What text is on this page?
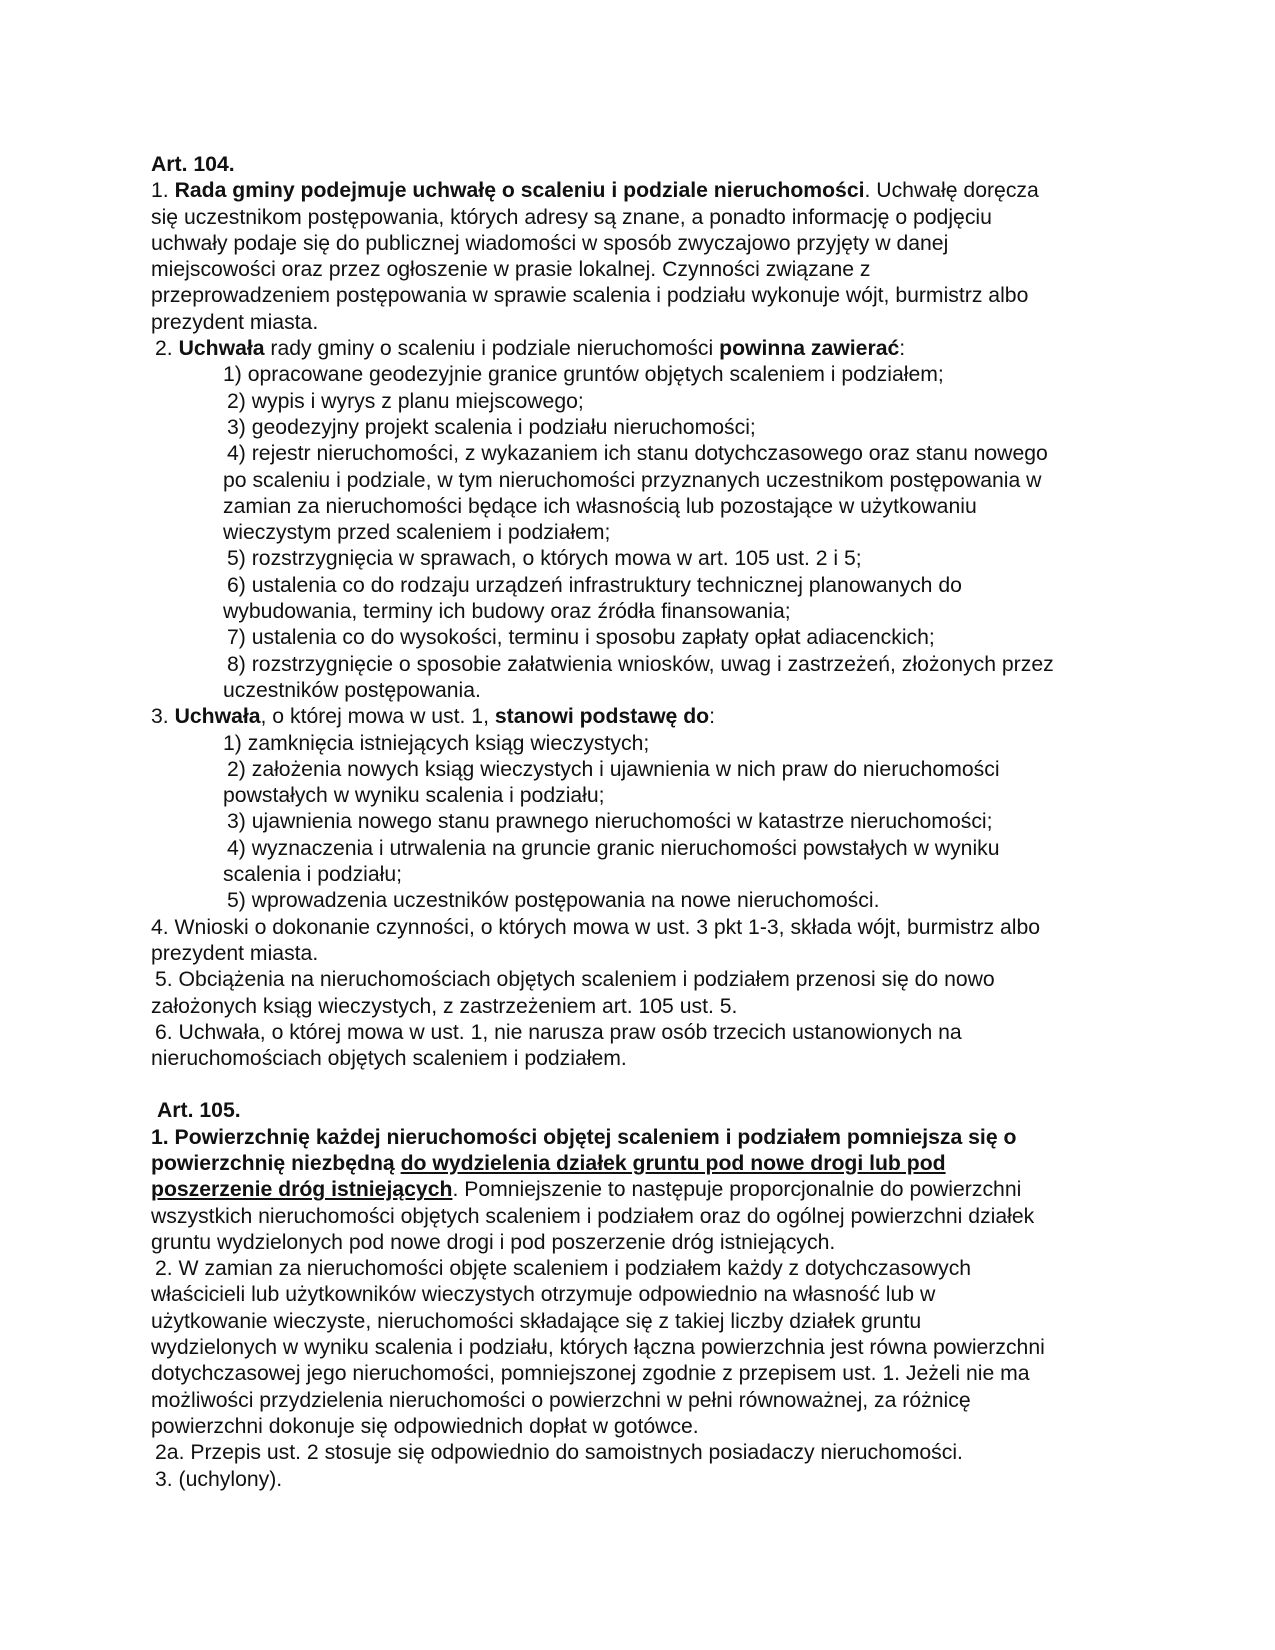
Art. 104.
1. Rada gminy podejmuje uchwałę o scaleniu i podziale nieruchomości. Uchwałę doręcza
się uczestnikom postępowania, których adresy są znane, a ponadto informację o podjęciu
uchwały podaje się do publicznej wiadomości w sposób zwyczajowo przyjęty w danej
miejscowości oraz przez ogłoszenie w prasie lokalnej. Czynności związane z
przeprowadzeniem postępowania w sprawie scalenia i podziału wykonuje wójt, burmistrz albo
prezydent miasta.
2. Uchwała rady gminy o scaleniu i podziale nieruchomości powinna zawierać:
1) opracowane geodezyjnie granice gruntów objętych scaleniem i podziałem;
2) wypis i wyrys z planu miejscowego;
3) geodezyjny projekt scalenia i podziału nieruchomości;
4) rejestr nieruchomości, z wykazaniem ich stanu dotychczasowego oraz stanu nowego
po scaleniu i podziale, w tym nieruchomości przyznanych uczestnikom postępowania w
zamian za nieruchomości będące ich własnością lub pozostające w użytkowaniu
wieczystym przed scaleniem i podziałem;
5) rozstrzygnięcia w sprawach, o których mowa w art. 105 ust. 2 i 5;
6) ustalenia co do rodzaju urządzeń infrastruktury technicznej planowanych do
wybudowania, terminy ich budowy oraz źródła finansowania;
7) ustalenia co do wysokości, terminu i sposobu zapłaty opłat adiacenckich;
8) rozstrzygnięcie o sposobie załatwienia wniosków, uwag i zastrzeżeń, złożonych przez
uczestników postępowania.
3. Uchwała, o której mowa w ust. 1, stanowi podstawę do:
1) zamknięcia istniejących ksiąg wieczystych;
2) założenia nowych ksiąg wieczystych i ujawnienia w nich praw do nieruchomości
powstałych w wyniku scalenia i podziału;
3) ujawnienia nowego stanu prawnego nieruchomości w katastrze nieruchomości;
4) wyznaczenia i utrwalenia na gruncie granic nieruchomości powstałych w wyniku
scalenia i podziału;
5) wprowadzenia uczestników postępowania na nowe nieruchomości.
4. Wnioski o dokonanie czynności, o których mowa w ust. 3 pkt 1-3, składa wójt, burmistrz albo
prezydent miasta.
5. Obciążenia na nieruchomościach objętych scaleniem i podziałem przenosi się do nowo
założonych ksiąg wieczystych, z zastrzeżeniem art. 105 ust. 5.
6. Uchwała, o której mowa w ust. 1, nie narusza praw osób trzecich ustanowionych na
nieruchomościach objętych scaleniem i podziałem.
Art. 105.
1. Powierzchnię każdej nieruchomości objętej scaleniem i podziałem pomniejsza się o
powierzchnię niezbędną do wydzielenia działek gruntu pod nowe drogi lub pod
poszerzenie dróg istniejących. Pomniejszenie to następuje proporcjonalnie do powierzchni
wszystkich nieruchomości objętych scaleniem i podziałem oraz do ogólnej powierzchni działek
gruntu wydzielonych pod nowe drogi i pod poszerzenie dróg istniejących.
2. W zamian za nieruchomości objęte scaleniem i podziałem każdy z dotychczasowych
właścicieli lub użytkowników wieczystych otrzymuje odpowiednio na własność lub w
użytkowanie wieczyste, nieruchomości składające się z takiej liczby działek gruntu
wydzielonych w wyniku scalenia i podziału, których łączna powierzchnia jest równa powierzchni
dotychczasowej jego nieruchomości, pomniejszonej zgodnie z przepisem ust. 1. Jeżeli nie ma
możliwości przydzielenia nieruchomości o powierzchni w pełni równoważnej, za różnicę
powierzchni dokonuje się odpowiednich dopłat w gotówce.
2a. Przepis ust. 2 stosuje się odpowiednio do samoistnych posiadaczy nieruchomości.
3. (uchylony).
